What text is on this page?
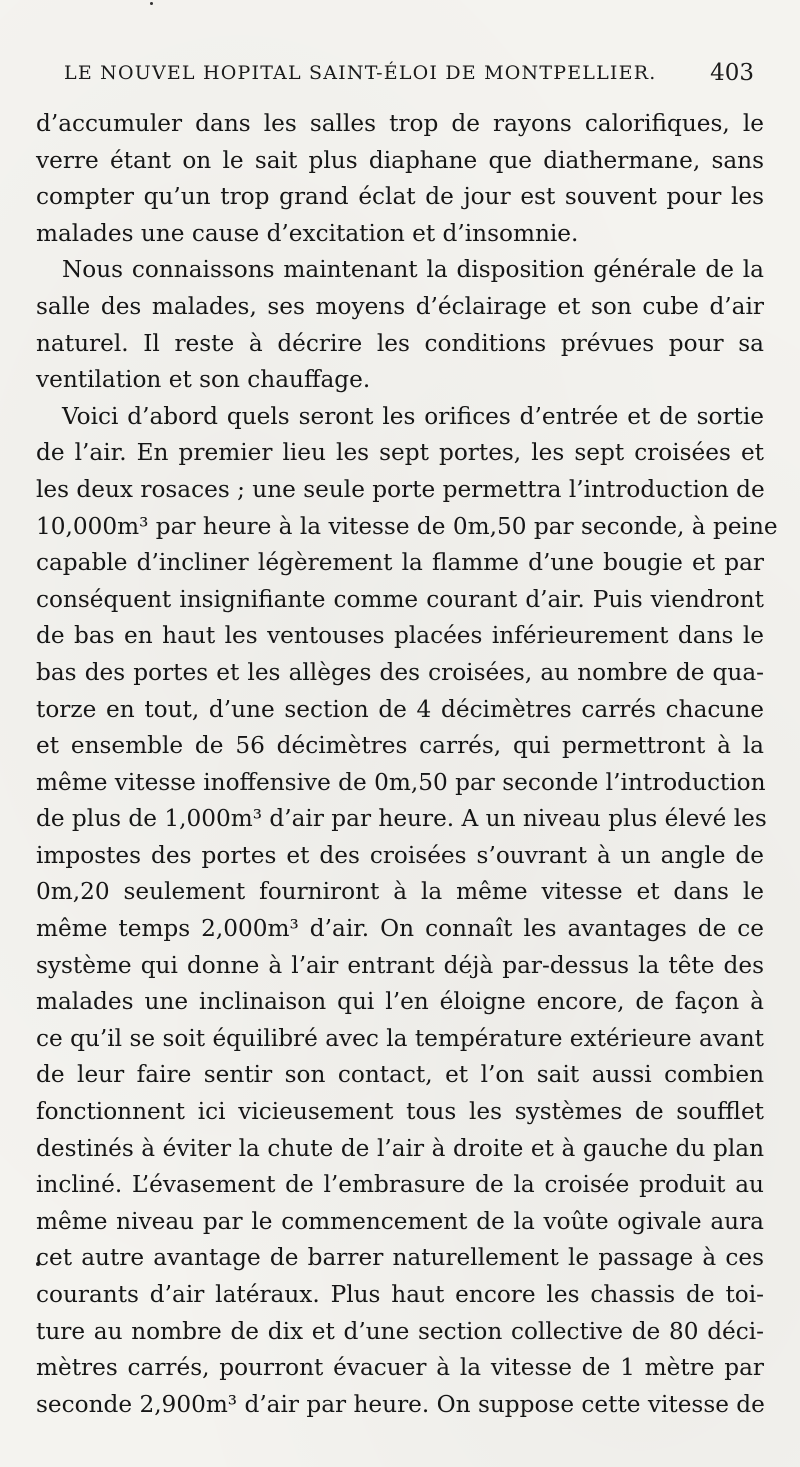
LE NOUVEL HOPITAL SAINT-ÉLOI DE MONTPELLIER. 403
d’accumuler dans les salles trop de rayons calorifiques, le
verre étant on le sait plus diaphane que diathermane, sans
compter qu’un trop grand éclat de jour est souvent pour les
malades une cause d’excitation et d’insomnie.
Nous connaissons maintenant la disposition générale de la
salle des malades, ses moyens d’éclairage et son cube d’air
naturel. Il reste à décrire les conditions prévues pour sa
ventilation et son chauffage.
Voici d’abord quels seront les orifices d’entrée et de sortie
de l’air. En premier lieu les sept portes, les sept croisées et
les deux rosaces ; une seule porte permettra l’introduction de
10,000m³ par heure à la vitesse de 0m,50 par seconde, à peine
capable d’incliner légèrement la flamme d’une bougie et par
conséquent insignifiante comme courant d’air. Puis viendront
de bas en haut les ventouses placées inférieurement dans le
bas des portes et les allèges des croisées, au nombre de qua-
torze en tout, d’une section de 4 décimètres carrés chacune
et ensemble de 56 décimètres carrés, qui permettront à la
même vitesse inoffensive de 0m,50 par seconde l’introduction
de plus de 1,000m³ d’air par heure. A un niveau plus élevé les
impostes des portes et des croisées s’ouvrant à un angle de
0m,20 seulement fourniront à la même vitesse et dans le
même temps 2,000m³ d’air. On connaît les avantages de ce
système qui donne à l’air entrant déjà par-dessus la tête des
malades une inclinaison qui l’en éloigne encore, de façon à
ce qu’il se soit équilibré avec la température extérieure avant
de leur faire sentir son contact, et l’on sait aussi combien
fonctionnent ici vicieusement tous les systèmes de soufflet
destinés à éviter la chute de l’air à droite et à gauche du plan
incliné. L’évasement de l’embrasure de la croisée produit au
même niveau par le commencement de la voûte ogivale aura
cet autre avantage de barrer naturellement le passage à ces
courants d’air latéraux. Plus haut encore les chassis de toi-
ture au nombre de dix et d’une section collective de 80 déci-
mètres carrés, pourront évacuer à la vitesse de 1 mètre par
seconde 2,900m³ d’air par heure. On suppose cette vitesse de
